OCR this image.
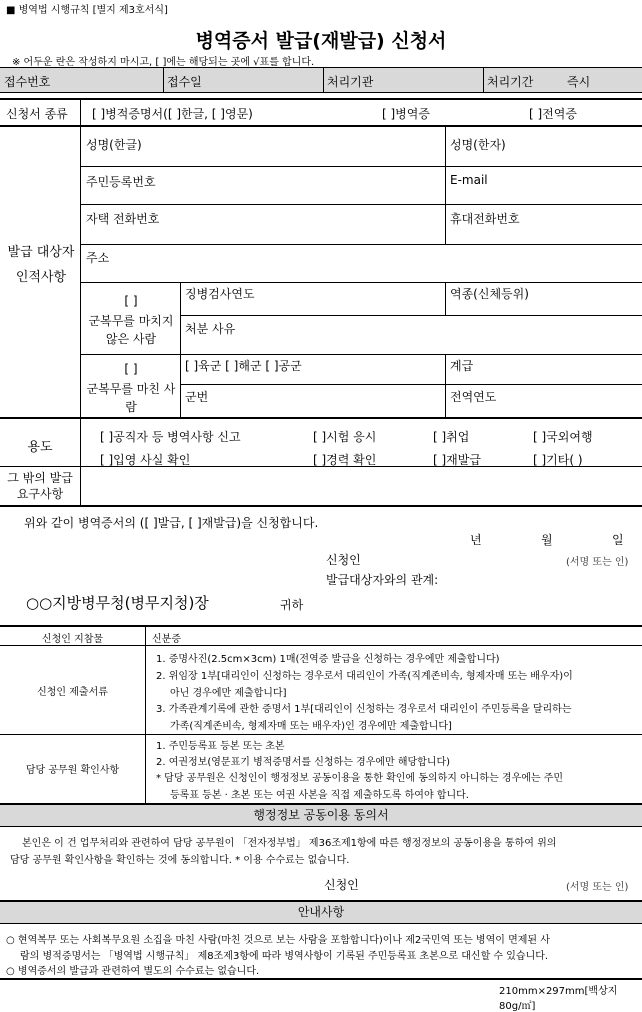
■ 병역법 시행규칙 [별지 제3호서식]
병역증서 발급(재발급) 신청서
※ 어두운 란은 작성하지 마시고, [ ]에는 해당되는 곳에 √표를 합니다.
접수번호	접수일	처리기관	처리기간	즉시
신청서 종류 [ ]병적증명서([ ]한글, [ ]영문)	[ ]병역증	[ ]전역증
발급 대상자 인적사항
성명(한글)	성명(한자)
주민등록번호	E-mail
자택 전화번호	휴대전화번호
주소
[ ]
군복무를 마치지 않은 사람
징병검사연도	역종(신체등위)
처분 사유
[ ]
군복무를 마친 사람
[ ]육군 [ ]해군 [ ]공군	계급
군번	전역연도
용도
[ ]공직자 등 병역사항 신고	[ ]시험 응시	[ ]취업	[ ]국외여행
[ ]입영 사실 확인	[ ]경력 확인	[ ]재발급	[ ]기타( )
그 밖의 발급 요구사항
위와 같이 병역증서의 ([ ]발급, [ ]재발급)을 신청합니다.
년	월	일
신청인	(서명 또는 인)
발급대상자와의 관계:
○○지방병무청(병무지청)장	귀하
신청인 지참물	신분증
신청인 제출서류
1. 증명사진(2.5cm×3cm) 1매(전역증 발급을 신청하는 경우에만 제출합니다)
2. 위임장 1부[대리인이 신청하는 경우로서 대리인이 가족(직계존비속, 형제자매 또는 배우자)이
아닌 경우에만 제출합니다]
3. 가족관계기록에 관한 증명서 1부[대리인이 신청하는 경우로서 대리인이 주민등록을 달리하는
가족(직계존비속, 형제자매 또는 배우자)인 경우에만 제출합니다]
담당 공무원 확인사항
1. 주민등록표 등본 또는 초본
2. 여권정보(영문표기 병적증명서를 신청하는 경우에만 해당합니다)
* 담당 공무원은 신청인이 행정정보 공동이용을 통한 확인에 동의하지 아니하는 경우에는 주민
등록표 등본 · 초본 또는 여권 사본을 직접 제출하도록 하여야 합니다.
행정정보 공동이용 동의서
본인은 이 건 업무처리와 관련하여 담당 공무원이 「전자정부법」 제36조제1항에 따른 행정정보의 공동이용을 통하여 위의
담당 공무원 확인사항을 확인하는 것에 동의합니다. * 이용 수수료는 없습니다.
신청인	(서명 또는 인)
안내사항
○ 현역복무 또는 사회복무요원 소집을 마친 사람(마친 것으로 보는 사람을 포함합니다)이나 제2국민역 또는 병역이 면제된 사
람의 병적증명서는 「병역법 시행규칙」 제8조제3항에 따라 병역사항이 기록된 주민등록표 초본으로 대신할 수 있습니다.
○ 병역증서의 발급과 관련하여 별도의 수수료는 없습니다.
210mm×297mm[백상지 80g/㎡]
